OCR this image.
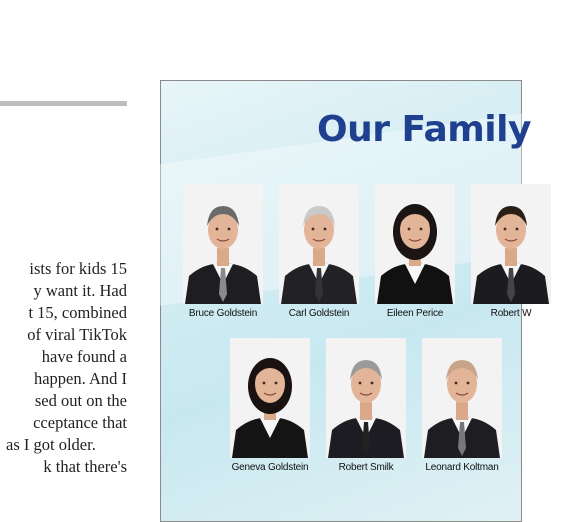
ists for kids 15
y want it. Had
t 15, combined
of viral TikTok
have found a
happen. And I
sed out on the
cceptance that
as I got older.
k that there's
Our Family
Bruce Goldstein	Carl Goldstein	Eileen Perice	Robert W
Geneva Goldstein	Robert Smilk	Leonard Koltman
